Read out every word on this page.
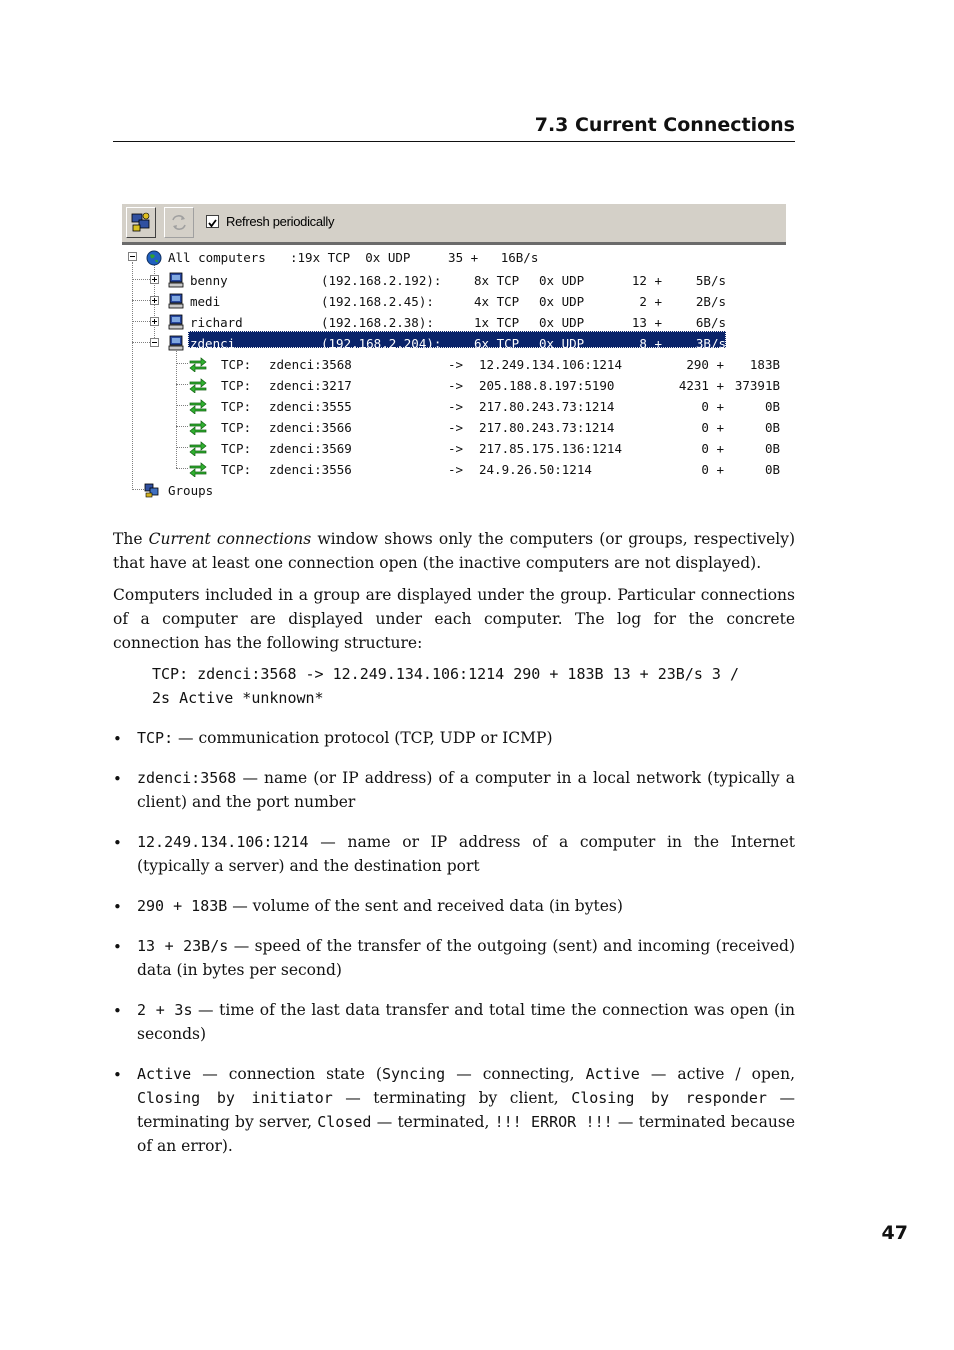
7.3 Current Connections
Refresh periodically
All computers :19x TCP  0x UDP     35 +   16B/s
benny	(192.168.2.192):	8x TCP 0x UDP	12 +	5B/s
medi	(192.168.2.45):	4x TCP 0x UDP	2 +	2B/s
richard	(192.168.2.38):	1x TCP 0x UDP	13 +	6B/s
zdenci	(192.168.2.204):	6x TCP 0x UDP	8 +	3B/s
TCP: zdenci:3568	-> 12.249.134.106:1214	290 +	183B
TCP: zdenci:3217	-> 205.188.8.197:5190	4231 + 37391B
TCP: zdenci:3555	-> 217.80.243.73:1214	0 +	0B
TCP: zdenci:3566	-> 217.80.243.73:1214	0 +	0B
TCP: zdenci:3569	-> 217.85.175.136:1214	0 +	0B
TCP: zdenci:3556	-> 24.9.26.50:1214	0 +	0B
Groups
The Current connections window shows only the computers (or groups, respectively) that have at least one connection open (the inactive computers are not displayed).
Computers included in a group are displayed under the group. Particular connections of a computer are displayed under each computer. The log for the concrete connection has the following structure:
TCP: zdenci:3568 -> 12.249.134.106:1214 290 + 183B 13 + 23B/s 3 /
2s Active *unknown*
• TCP: — communication protocol (TCP, UDP or ICMP)
• zdenci:3568 — name (or IP address) of a computer in a local network (typically a client) and the port number
• 12.249.134.106:1214 — name or IP address of a computer in the Internet (typically a server) and the destination port
• 290 + 183B — volume of the sent and received data (in bytes)
• 13 + 23B/s — speed of the transfer of the outgoing (sent) and incoming (received) data (in bytes per second)
• 2 + 3s — time of the last data transfer and total time the connection was open (in seconds)
• Active — connection state (Syncing — connecting, Active — active / open, Closing by initiator — terminating by client, Closing by responder — terminating by server, Closed — terminated, !!! ERROR !!! — terminated because of an error).
47
